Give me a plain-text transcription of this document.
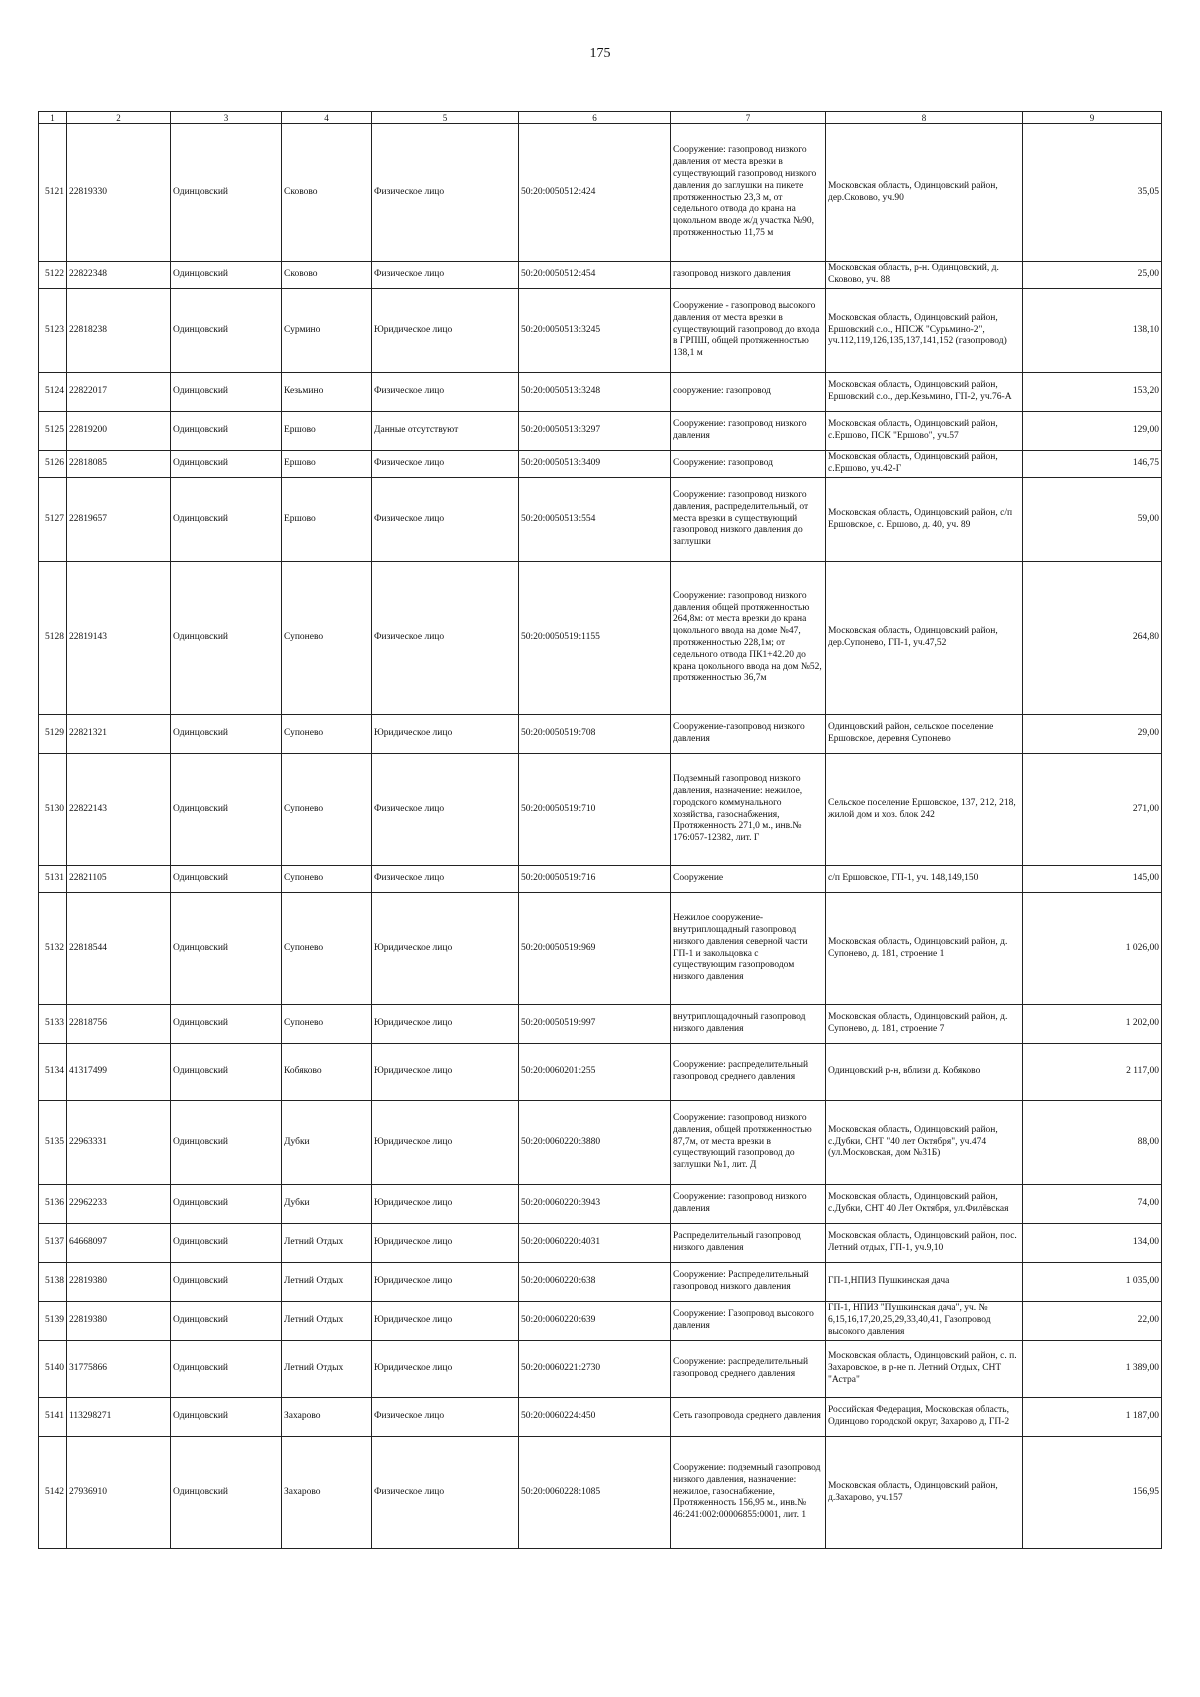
175
1	2	3	4	5	6	7	8	9
5121	22819330	Одинцовский	Сковово	Физическое лицо	50:20:0050512:424	Сооружение: газопровод низкого давления от места врезки в существующий газопровод низкого давления до заглушки на пикете протяженностью 23,3 м, от седельного отвода до крана на цокольном вводе ж/д участка №90, протяженностью 11,75 м	Московская область, Одинцовский район, дер.Сковово, уч.90	35,05
5122	22822348	Одинцовский	Сковово	Физическое лицо	50:20:0050512:454	газопровод низкого давления	Московская область, р-н. Одинцовский, д. Сковово, уч. 88	25,00
5123	22818238	Одинцовский	Сурмино	Юридическое лицо	50:20:0050513:3245	Сооружение - газопровод высокого давления от места врезки в существующий газопровод до входа в ГРПШ, общей протяженностью 138,1 м	Московская область, Одинцовский район, Ершовский с.о., НПСЖ "Сурьмино-2", уч.112,119,126,135,137,141,152 (газопровод)	138,10
5124	22822017	Одинцовский	Кезьмино	Физическое лицо	50:20:0050513:3248	сооружение: газопровод	Московская область, Одинцовский район, Ершовский с.о., дер.Кезьмино, ГП-2, уч.76-А	153,20
5125	22819200	Одинцовский	Ершово	Данные отсутствуют	50:20:0050513:3297	Сооружение: газопровод низкого давления	Московская область, Одинцовский район, с.Ершово, ПСК "Ершово", уч.57	129,00
5126	22818085	Одинцовский	Ершово	Физическое лицо	50:20:0050513:3409	Сооружение: газопровод	Московская область, Одинцовский район, с.Ершово, уч.42-Г	146,75
5127	22819657	Одинцовский	Ершово	Физическое лицо	50:20:0050513:554	Сооружение: газопровод низкого давления, распределительный, от места врезки в существующий газопровод низкого давления до заглушки	Московская область, Одинцовский район, с/п Ершовское, с. Ершово, д. 40, уч. 89	59,00
5128	22819143	Одинцовский	Супонево	Физическое лицо	50:20:0050519:1155	Сооружение: газопровод низкого давления общей протяженностью 264,8м: от места врезки до крана цокольного ввода на доме №47, протяженностью 228,1м; от седельного отвода ПК1+42.20 до крана цокольного ввода на дом №52, протяженностью 36,7м	Московская область, Одинцовский район, дер.Супонево, ГП-1, уч.47,52	264,80
5129	22821321	Одинцовский	Супонево	Юридическое лицо	50:20:0050519:708	Сооружение-газопровод низкого давления	Одинцовский район, сельское поселение Ершовское, деревня Супонево	29,00
5130	22822143	Одинцовский	Супонево	Физическое лицо	50:20:0050519:710	Подземный газопровод низкого давления, назначение: нежилое, городского коммунального хозяйства, газоснабжения, Протяженность 271,0 м., инв.№ 176:057-12382, лит. Г	Сельское поселение Ершовское, 137, 212, 218, жилой дом и хоз. блок 242	271,00
5131	22821105	Одинцовский	Супонево	Физическое лицо	50:20:0050519:716	Сооружение	с/п Ершовское, ГП-1, уч. 148,149,150	145,00
5132	22818544	Одинцовский	Супонево	Юридическое лицо	50:20:0050519:969	Нежилое сооружение-внутриплощадный газопровод низкого давления северной части ГП-1 и закольцовка с существующим газопроводом низкого давления	Московская область, Одинцовский район, д. Супонево, д. 181, строение 1	1 026,00
5133	22818756	Одинцовский	Супонево	Юридическое лицо	50:20:0050519:997	внутриплощадочный газопровод низкого давления	Московская область, Одинцовский район, д. Супонево, д. 181, строение 7	1 202,00
5134	41317499	Одинцовский	Кобяково	Юридическое лицо	50:20:0060201:255	Сооружение: распределительный газопровод среднего давления	Одинцовский р-н, вблизи д. Кобяково	2 117,00
5135	22963331	Одинцовский	Дубки	Юридическое лицо	50:20:0060220:3880	Сооружение: газопровод низкого давления, общей протяженностью 87,7м, от места врезки в существующий газопровод до заглушки №1, лит. Д	Московская область, Одинцовский район, с.Дубки, СНТ "40 лет Октября", уч.474 (ул.Московская, дом №31Б)	88,00
5136	22962233	Одинцовский	Дубки	Юридическое лицо	50:20:0060220:3943	Сооружение: газопровод низкого давления	Московская область, Одинцовский район, с.Дубки, СНТ 40 Лет Октября, ул.Филёвская	74,00
5137	64668097	Одинцовский	Летний Отдых	Юридическое лицо	50:20:0060220:4031	Распределительный газопровод низкого давления	Московская область, Одинцовский район, пос. Летний отдых, ГП-1, уч.9,10	134,00
5138	22819380	Одинцовский	Летний Отдых	Юридическое лицо	50:20:0060220:638	Сооружение: Распределительный газопровод низкого давления	ГП-1,НПИЗ Пушкинская дача	1 035,00
5139	22819380	Одинцовский	Летний Отдых	Юридическое лицо	50:20:0060220:639	Сооружение: Газопровод высокого давления	ГП-1, НПИЗ "Пушкинская дача", уч. № 6,15,16,17,20,25,29,33,40,41, Газопровод высокого давления	22,00
5140	31775866	Одинцовский	Летний Отдых	Юридическое лицо	50:20:0060221:2730	Сооружение: распределительный газопровод среднего давления	Московская область, Одинцовский район, с. п. Захаровское, в р-не п. Летний Отдых, СНТ "Астра"	1 389,00
5141	113298271	Одинцовский	Захарово	Физическое лицо	50:20:0060224:450	Сеть газопровода среднего давления	Российская Федерация, Московская область, Одинцово городской округ, Захарово д, ГП-2	1 187,00
5142	27936910	Одинцовский	Захарово	Физическое лицо	50:20:0060228:1085	Сооружение: подземный газопровод низкого давления, назначение: нежилое, газоснабжение, Протяженность 156,95 м., инв.№ 46:241:002:00006855:0001, лит. 1	Московская область, Одинцовский район, д.Захарово, уч.157	156,95
